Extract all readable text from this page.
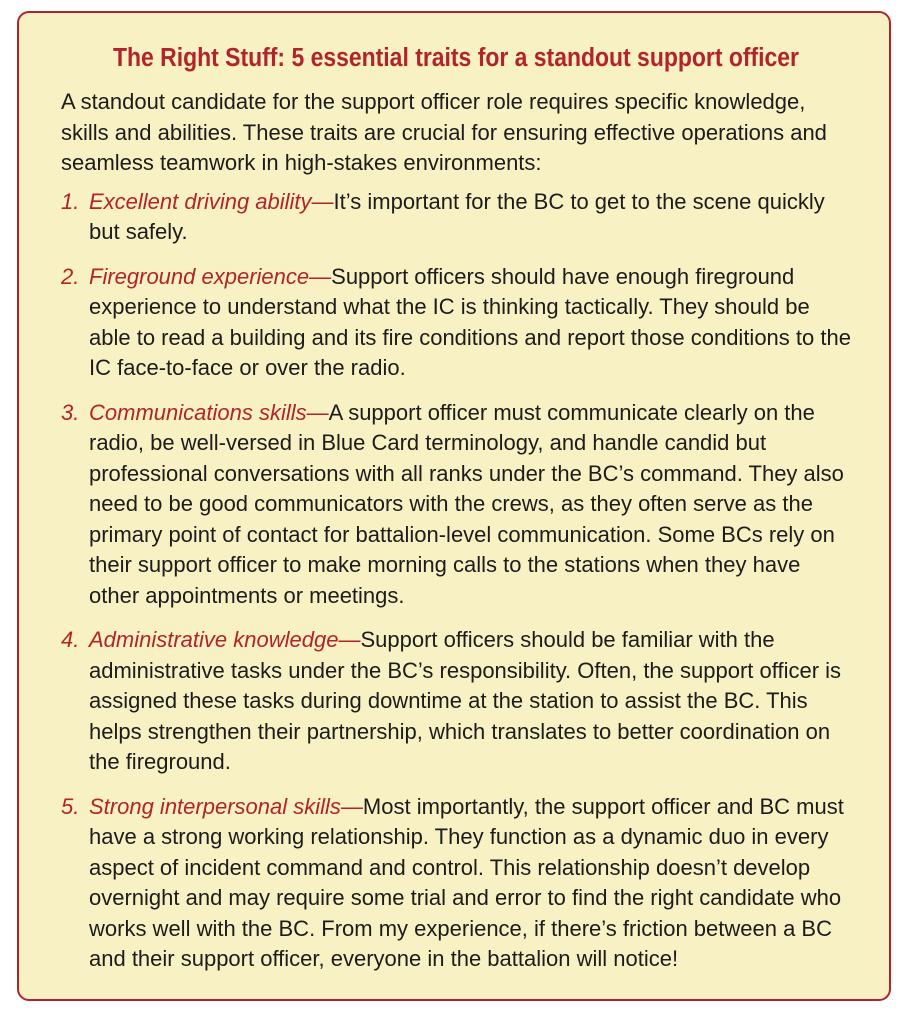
The Right Stuff: 5 essential traits for a standout support officer

A standout candidate for the support officer role requires specific knowledge, skills and abilities. These traits are crucial for ensuring effective operations and seamless teamwork in high-stakes environments:

1. Excellent driving ability—It’s important for the BC to get to the scene quickly but safely.
2. Fireground experience—Support officers should have enough fireground experience to understand what the IC is thinking tactically. They should be able to read a building and its fire conditions and report those conditions to the IC face-to-face or over the radio.
3. Communications skills—A support officer must communicate clearly on the radio, be well-versed in Blue Card terminology, and handle candid but professional conversations with all ranks under the BC’s command. They also need to be good communicators with the crews, as they often serve as the primary point of contact for battalion-level communication. Some BCs rely on their support officer to make morning calls to the stations when they have other appointments or meetings.
4. Administrative knowledge—Support officers should be familiar with the administrative tasks under the BC’s responsibility. Often, the support officer is assigned these tasks during downtime at the station to assist the BC. This helps strengthen their partnership, which translates to better coordination on the fireground.
5. Strong interpersonal skills—Most importantly, the support officer and BC must have a strong working relationship. They function as a dynamic duo in every aspect of incident command and control. This relationship doesn’t develop overnight and may require some trial and error to find the right candidate who works well with the BC. From my experience, if there’s friction between a BC and their support officer, everyone in the battalion will notice!
